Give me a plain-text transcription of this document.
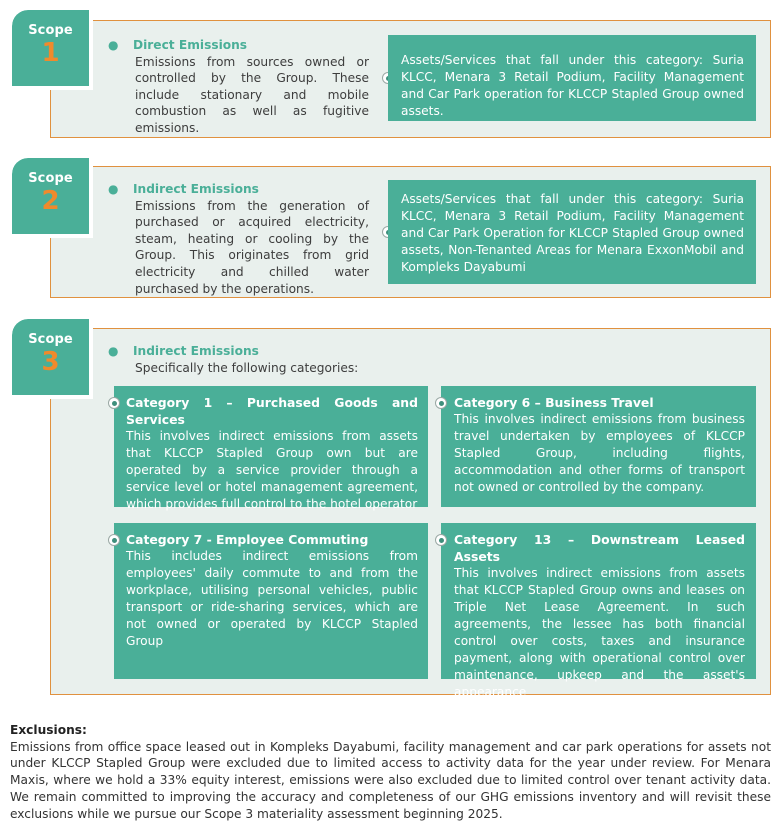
Scope
1	● Direct Emissions
Emissions from sources owned or controlled by the Group. These include stationary and mobile combustion as well as fugitive emissions.
Assets/Services that fall under this category: Suria KLCC, Menara 3 Retail Podium, Facility Management and Car Park operation for KLCCP Stapled Group owned assets.
Scope
2	● Indirect Emissions
Emissions from the generation of purchased or acquired electricity, steam, heating or cooling by the Group. This originates from grid electricity and chilled water purchased by the operations.
Assets/Services that fall under this category: Suria KLCC, Menara 3 Retail Podium, Facility Management and Car Park Operation for KLCCP Stapled Group owned assets, Non-Tenanted Areas for Menara ExxonMobil and Kompleks Dayabumi
Scope
3	● Indirect Emissions
Specifically the following categories:
Category 1 – Purchased Goods and Services
This involves indirect emissions from assets that KLCCP Stapled Group own but are operated by a service provider through a service level or hotel management agreement, which provides full control to the hotel operator
Category 6 – Business Travel
This involves indirect emissions from business travel undertaken by employees of KLCCP Stapled Group, including flights, accommodation and other forms of transport not owned or controlled by the company.
Category 7 - Employee Commuting
This includes indirect emissions from employees' daily commute to and from the workplace, utilising personal vehicles, public transport or ride-sharing services, which are not owned or operated by KLCCP Stapled Group
Category 13 – Downstream Leased Assets
This involves indirect emissions from assets that KLCCP Stapled Group owns and leases on Triple Net Lease Agreement. In such agreements, the lessee has both financial control over costs, taxes and insurance payment, along with operational control over maintenance, upkeep and the asset's appearance
Exclusions:
Emissions from office space leased out in Kompleks Dayabumi, facility management and car park operations for assets not under KLCCP Stapled Group were excluded due to limited access to activity data for the year under review. For Menara Maxis, where we hold a 33% equity interest, emissions were also excluded due to limited control over tenant activity data. We remain committed to improving the accuracy and completeness of our GHG emissions inventory and will revisit these exclusions while we pursue our Scope 3 materiality assessment beginning 2025.
